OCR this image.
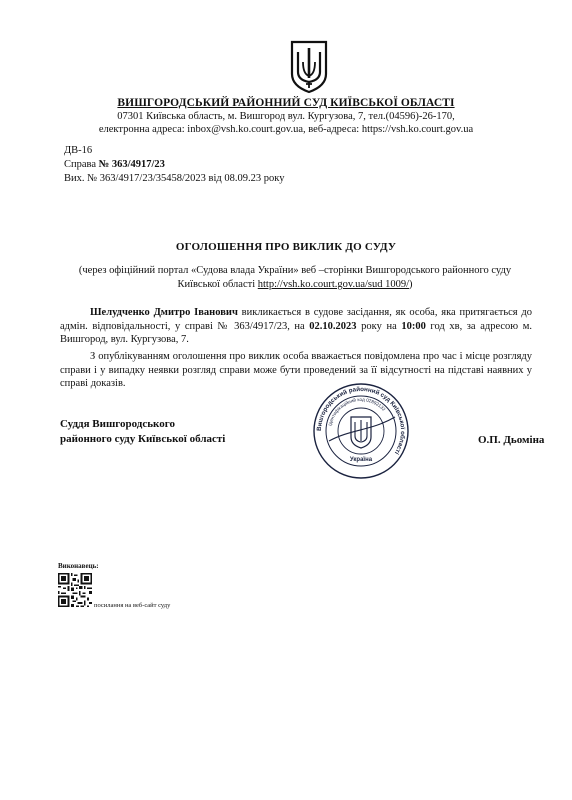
ВИШГОРОДСЬКИЙ РАЙОННИЙ СУД КИЇВСЬКОЇ ОБЛАСТІ
07301 Київська область, м. Вишгород вул. Кургузова, 7, тел.(04596)-26-170,
електронна адреса: inbox@vsh.ko.court.gov.ua, веб-адреса: https://vsh.ko.court.gov.ua
ДВ-16
Справа № 363/4917/23
Вих. № 363/4917/23/35458/2023 від 08.09.23 року
ОГОЛОШЕННЯ ПРО ВИКЛИК ДО СУДУ
(через офіційний портал «Судова влада України» веб –сторінки Вишгородського районного суду Київської області http://vsh.ko.court.gov.ua/sud 1009/)
Шелудченко Дмитро Іванович викликається в судове засідання, як особа, яка притягається до адмін. відповідальності, у справі № 363/4917/23, на 02.10.2023 року на 10:00 год хв, за адресою м. Вишгород, вул. Кургузова, 7.
З опублікуванням оголошення про виклик особа вважається повідомлена про час і місце розгляду справи і у випадку неявки розгляд справи може бути проведений за її відсутності на підставі наявних у справі доказів.
Суддя Вишгородського
районного суду Київської області
Вишгородський районний суд Київської області
Ідентифікаційний код 02892132
Україна
О.П. Дьоміна
Виконавець:
посилання на веб-сайт суду
